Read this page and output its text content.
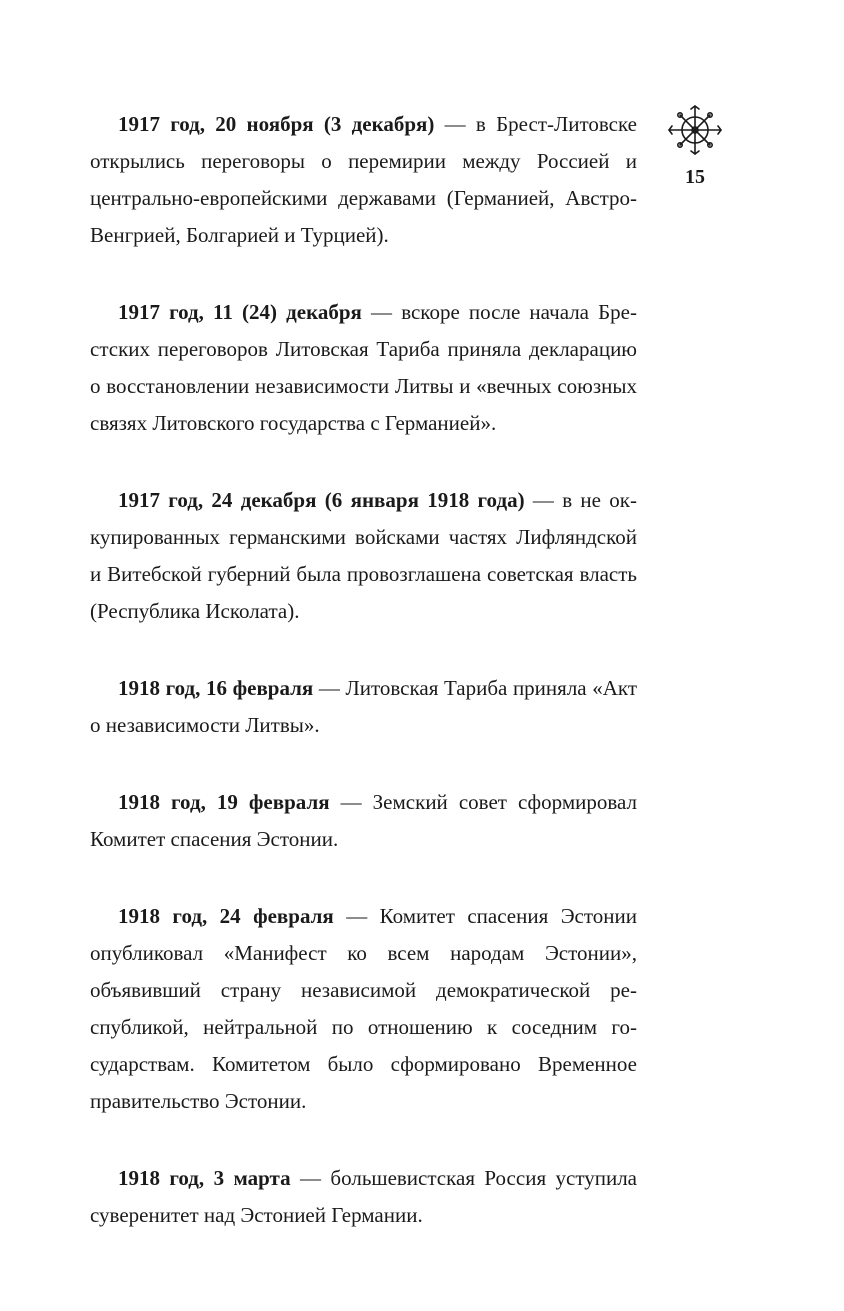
15

1917 год, 20 ноября (3 декабря) — в Брест-Литовске открылись переговоры о перемирии между Россией и центрально-европейскими державами (Германией, Австро-Венгрией, Болгарией и Турцией).

1917 год, 11 (24) декабря — вскоре после начала Брестских переговоров Литовская Тариба приняла декларацию о восстановлении независимости Литвы и «вечных союзных связях Литовского государства с Германией».

1917 год, 24 декабря (6 января 1918 года) — в не оккупированных германскими войсками частях Лифляндской и Витебской губерний была провозглашена советская власть (Республика Исколата).

1918 год, 16 февраля — Литовская Тариба приняла «Акт о независимости Литвы».

1918 год, 19 февраля — Земский совет сформировал Комитет спасения Эстонии.

1918 год, 24 февраля — Комитет спасения Эстонии опубликовал «Манифест ко всем народам Эстонии», объявивший страну независимой демократической республикой, нейтральной по отношению к соседним государствам. Комитетом было сформировано Временное правительство Эстонии.

1918 год, 3 марта — большевистская Россия уступила суверенитет над Эстонией Германии.
